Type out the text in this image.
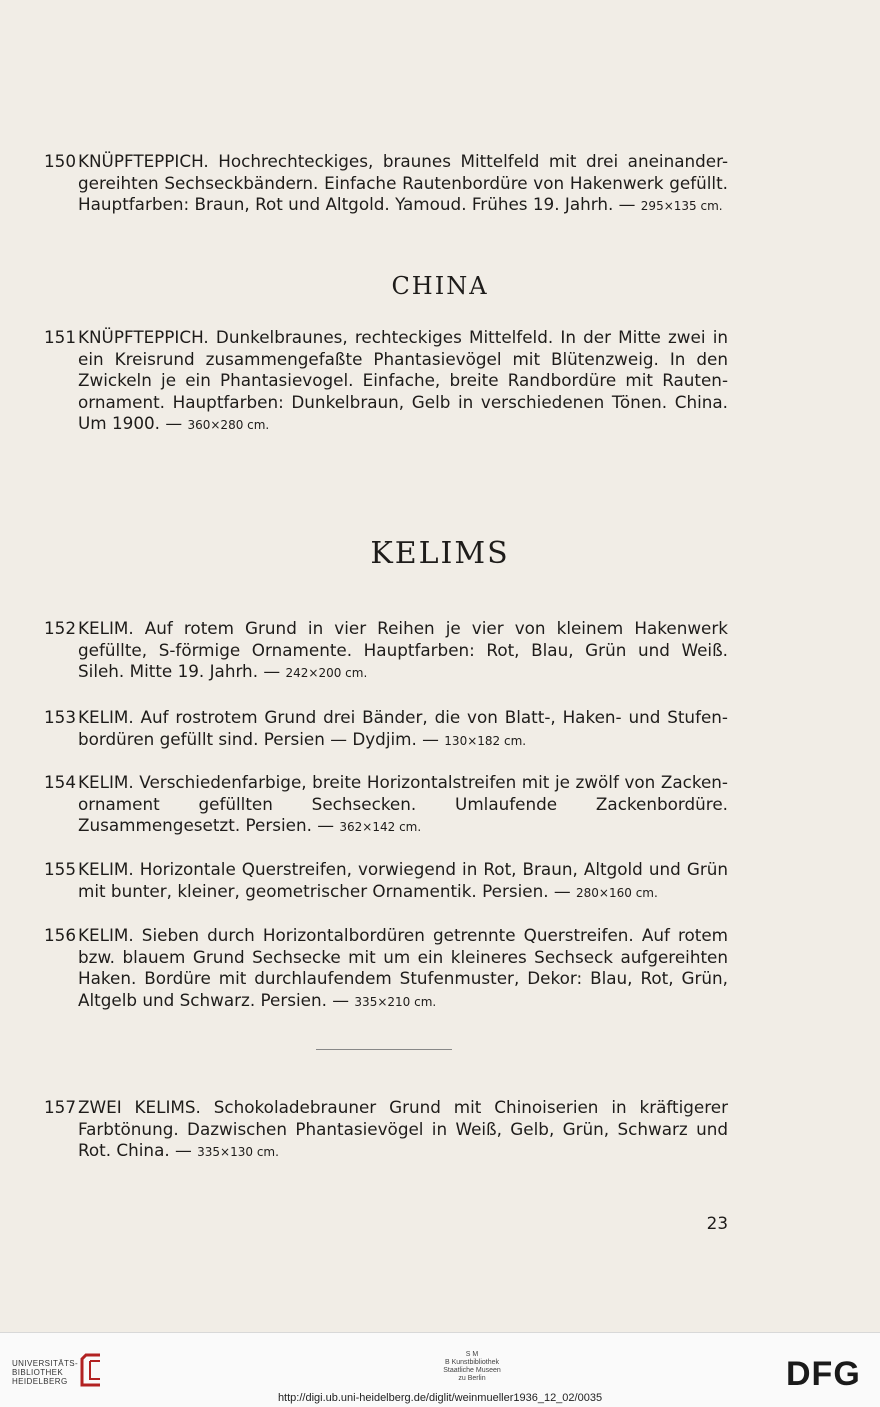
150 KNÜPFTEPPICH. Hochrechteckiges, braunes Mittelfeld mit drei aneinander-gereihten Sechseckbändern. Einfache Rautenbordüre von Hakenwerk gefüllt. Hauptfarben: Braun, Rot und Altgold. Yamoud. Frühes 19. Jahrh. — 295×135 cm.
CHINA
151 KNÜPFTEPPICH. Dunkelbraunes, rechteckiges Mittelfeld. In der Mitte zwei in ein Kreisrund zusammengefaßte Phantasievögel mit Blütenzweig. In den Zwickeln je ein Phantasievogel. Einfache, breite Randbordüre mit Rauten-ornament. Hauptfarben: Dunkelbraun, Gelb in verschiedenen Tönen. China. Um 1900. — 360×280 cm.
KELIMS
152 KELIM. Auf rotem Grund in vier Reihen je vier von kleinem Hakenwerk gefüllte, S-förmige Ornamente. Hauptfarben: Rot, Blau, Grün und Weiß. Sileh. Mitte 19. Jahrh. — 242×200 cm.
153 KELIM. Auf rostrotem Grund drei Bänder, die von Blatt-, Haken- und Stufen-bordüren gefüllt sind. Persien — Dydjim. — 130×182 cm.
154 KELIM. Verschiedenfarbige, breite Horizontalstreifen mit je zwölf von Zacken-ornament gefüllten Sechsecken. Umlaufende Zackenbordüre. Zusammengesetzt. Persien. — 362×142 cm.
155 KELIM. Horizontale Querstreifen, vorwiegend in Rot, Braun, Altgold und Grün mit bunter, kleiner, geometrischer Ornamentik. Persien. — 280×160 cm.
156 KELIM. Sieben durch Horizontalbordüren getrennte Querstreifen. Auf rotem bzw. blauem Grund Sechsecke mit um ein kleineres Sechseck aufgereihten Haken. Bordüre mit durchlaufendem Stufenmuster, Dekor: Blau, Rot, Grün, Altgelb und Schwarz. Persien. — 335×210 cm.
157 ZWEI KELIMS. Schokoladebrauner Grund mit Chinoiserien in kräftigerer Farbtönung. Dazwischen Phantasievögel in Weiß, Gelb, Grün, Schwarz und Rot. China. — 335×130 cm.
23
UNIVERSITÄTS-
BIBLIOTHEK
HEIDELBERG
S M
B Kunstbibliothek
Staatliche Museen
zu Berlin	DFG
http://digi.ub.uni-heidelberg.de/diglit/weinmueller1936_12_02/0035
